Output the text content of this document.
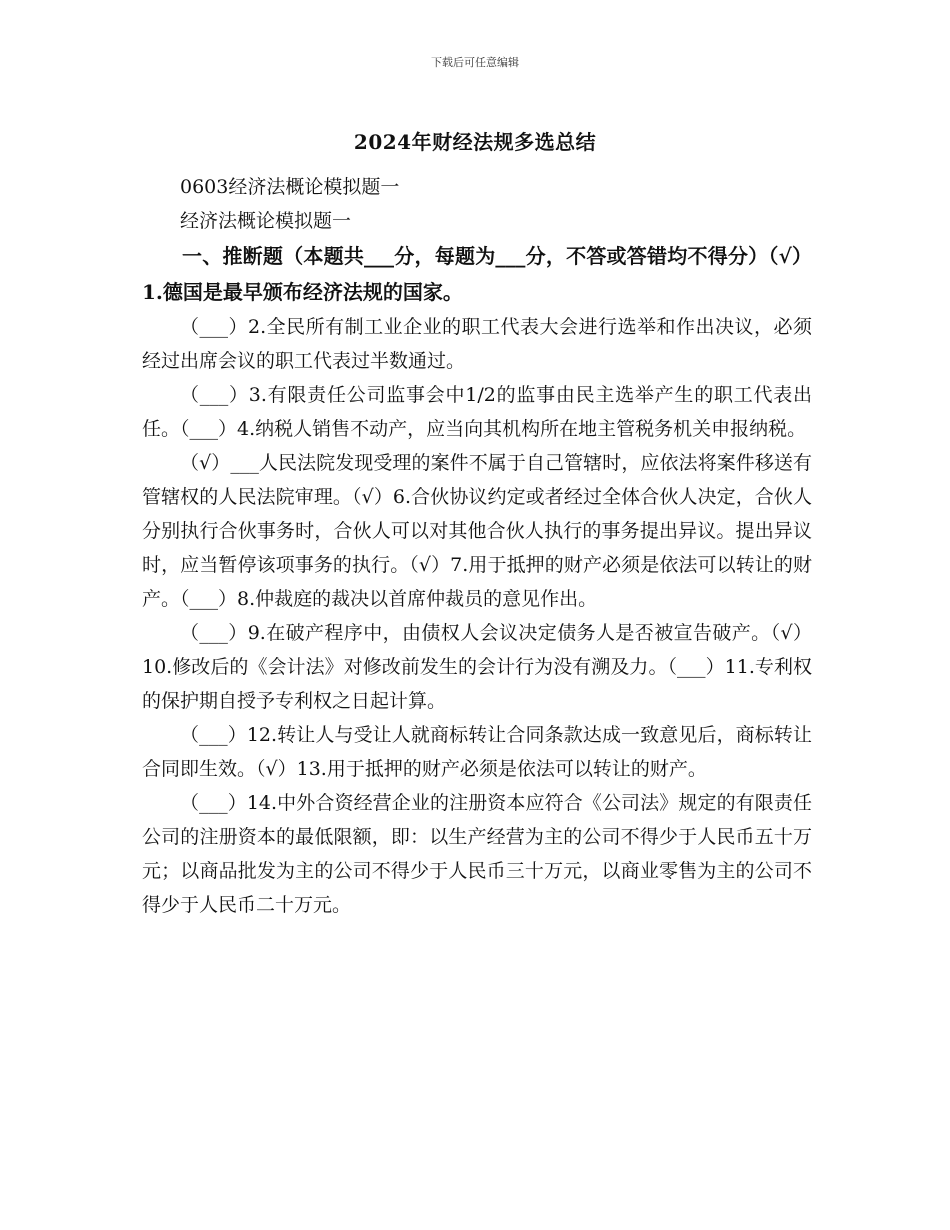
下载后可任意编辑
2024年财经法规多选总结

0603经济法概论模拟题一

经济法概论模拟题一

一、推断题（本题共___分，每题为___分，不答或答错均不得分）（√）1.德国是最早颁布经济法规的国家。

（___）2.全民所有制工业企业的职工代表大会进行选举和作出决议，必须经过出席会议的职工代表过半数通过。

（___）3.有限责任公司监事会中1/2的监事由民主选举产生的职工代表出任。（___）4.纳税人销售不动产，应当向其机构所在地主管税务机关申报纳税。

（√）___人民法院发现受理的案件不属于自己管辖时，应依法将案件移送有管辖权的人民法院审理。（√）6.合伙协议约定或者经过全体合伙人决定，合伙人分别执行合伙事务时，合伙人可以对其他合伙人执行的事务提出异议。提出异议时，应当暂停该项事务的执行。（√）7.用于抵押的财产必须是依法可以转让的财产。（___）8.仲裁庭的裁决以首席仲裁员的意见作出。

（___）9.在破产程序中，由债权人会议决定债务人是否被宣告破产。（√）10.修改后的《会计法》对修改前发生的会计行为没有溯及力。（___）11.专利权的保护期自授予专利权之日起计算。

（___）12.转让人与受让人就商标转让合同条款达成一致意见后，商标转让合同即生效。（√）13.用于抵押的财产必须是依法可以转让的财产。

（___）14.中外合资经营企业的注册资本应符合《公司法》规定的有限责任公司的注册资本的最低限额，即：以生产经营为主的公司不得少于人民币五十万元；以商品批发为主的公司不得少于人民币三十万元，以商业零售为主的公司不得少于人民币二十万元。
